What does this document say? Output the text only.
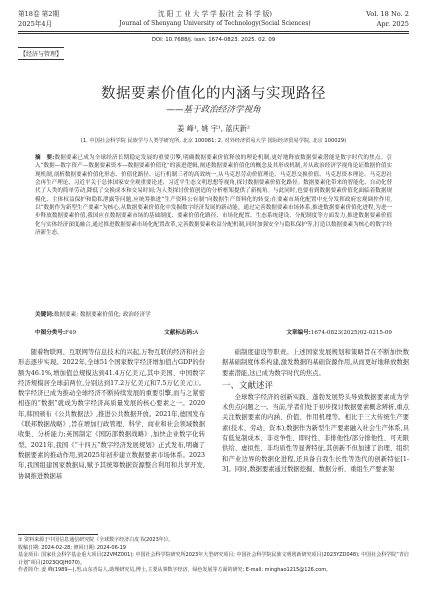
第18卷 第2期
2025年4月
沈 阳 工 业 大 学 学 报(社 会 科 学 版)
Journal of Shenyang University of Technology(Social Sciences)
Vol. 18 No. 2
Apr. 2025
DOI: 10.7688/j. issn. 1674-0823. 2025. 02. 09
【经济与管理】
数据要素价值化的内涵与实现路径
——基于政治经济学视角
姜 峰¹, 姚 宇¹, 蓝庆新²
(1. 中国社会科学院 民族学与人类学研究所, 北京 100081; 2. 对外经济贸易大学 国际经济贸易学院, 北京 100029)
摘　要:数据要素已成为全球经济长期稳定发展的重要引擎,明确数据要素价值释放的理论机制,更好地释放数据要素潜能是数字时代的焦点。引入“数据—数字资产—数据要素资本—数据要素价值化”的演进逻辑,阐述数据要素价值化的概念及其形成机制,并从政治经济学视角论证数据价值实现机制,剖析数据要素价值化形态、价值化路径、运行机制三者的高效统一,从马克思劳动价值理论、马克思交换价值、马克思资本理论、马克思社会再生产理论、习近平关于总体国家安全观重要论述、习近平生态文明思想等视角,探讨数据要素价值化路径。数据要素化带来的智能化、自动化替代了人类的简单劳动,降低了交换成本和交易时间;为人类探讨价值创造的分析框架提供了新视角。与此同时,也要看到数据要素价值化面临着数据规模化、主体权益保护和隐私泄露等问题,应统筹推进“生产资料公有制”向数据生产资料化的转变;在要素市场化配置中充分发挥政府宏观调控作用,以“数据作为新型生产要素”为核心,从数据要素价值化中发掘数字经济发展的新动能。通过完善数据要素市场体系,推进数据要素价值化进程,为进一步释放数据要素价值,我国应在数据要素市场的基础制度、要素价值化路径、市场化配置、生态系统建设、分配制度等方面发力,推进数据要素价值化与实体经济深度融合,通过推进数据要素市场化配置改革,完善数据要素收益分配机制,同时加强安全与隐私保护等,打造以数据要素为核心的数字经济新生态。
关键词:数据要素; 数据要素价值化; 政治经济学
中图分类号:F49	文献标志码:A	文章编号:1674-0823(2025)02-0215-09

随着物联网、互联网等信息技术的兴起,万物互联的经济和社会形态逐步实现。2022年,全球51个国家数字经济增加值占GDP的份额为46.1%,增加值总规模达到41.4万亿美元,其中美国、中国数字经济规模居全球前两位,分别达到17.2万亿美元和7.5万亿美元①。数字经济已成为推动全球经济不断持续发展的重要引擎,而与之紧密相连的“数据”就成为数字经济高质量发展的核心要素之一。2020年,韩国颁布《公共数据法》,推进公共数据开放。2021年,德国发布《联邦数据战略》,旨在增加行政管理、科学、商业和社会领域数据收集、分析能力;英国制定《国防部数据战略》,加快企业数字化转型。2021年,我国《“十四五”数字经济发展规划》正式发布,明确了数据要素的推动作用,到2025年初步建立数据要素市场体系。2023年,我国组建国家数据局,赋予其统筹数据资源整合利用和共享开发,协调推进数据基

础制度建设等职责。上述国家发展规划和策略旨在不断加快数据基础制度体系构建,激发数据的基础资源作用,从而更好地释放数据要素潜能,这已成为数字时代的焦点。

一、文献述评

全球数字经济的创新实践、蓬勃发展势头导致数据要素成为学术焦点问题之一。当前,学者们处于初步探讨数据要素概念辨析,重点关注数据要素的内涵、价值、作用机理等。相比于三大传统生产要素(技术、劳动、资本),数据作为新型生产要素融入社会生产体系,具有低复制成本、非竞争性、即时性、非排他性/部分排他性、可无限供给、虚拟性、非均质性等显著特征,其创新不但加速了治理、组织和产业边界的数据化进程,还具备自我生长性等迭代的创新特征[1-3]。同时,数据要素通过数据挖掘、数据分析、重组生产要素架

① 资料来源于中国信息通信研究院《全球数字经济白皮书(2023年)》。
收稿日期: 2024-02-28; 修回日期: 2024-06-19
基金项目: 国家社会科学基金重大项目(22VMZ001); 中国社会科学院研究所2023年大型研究项目; 中国社会科学院民族文明创新研究项目(2023YZD048); 中国社会科学院“青启计划”项目(2023QQJH070)。
作者简介: 姜 峰(1989—),男,山东青岛人,助理研究员,博士,主要从事数字经济、绿色发展等方面的研究; E-mail: minghao1215@126.com。
